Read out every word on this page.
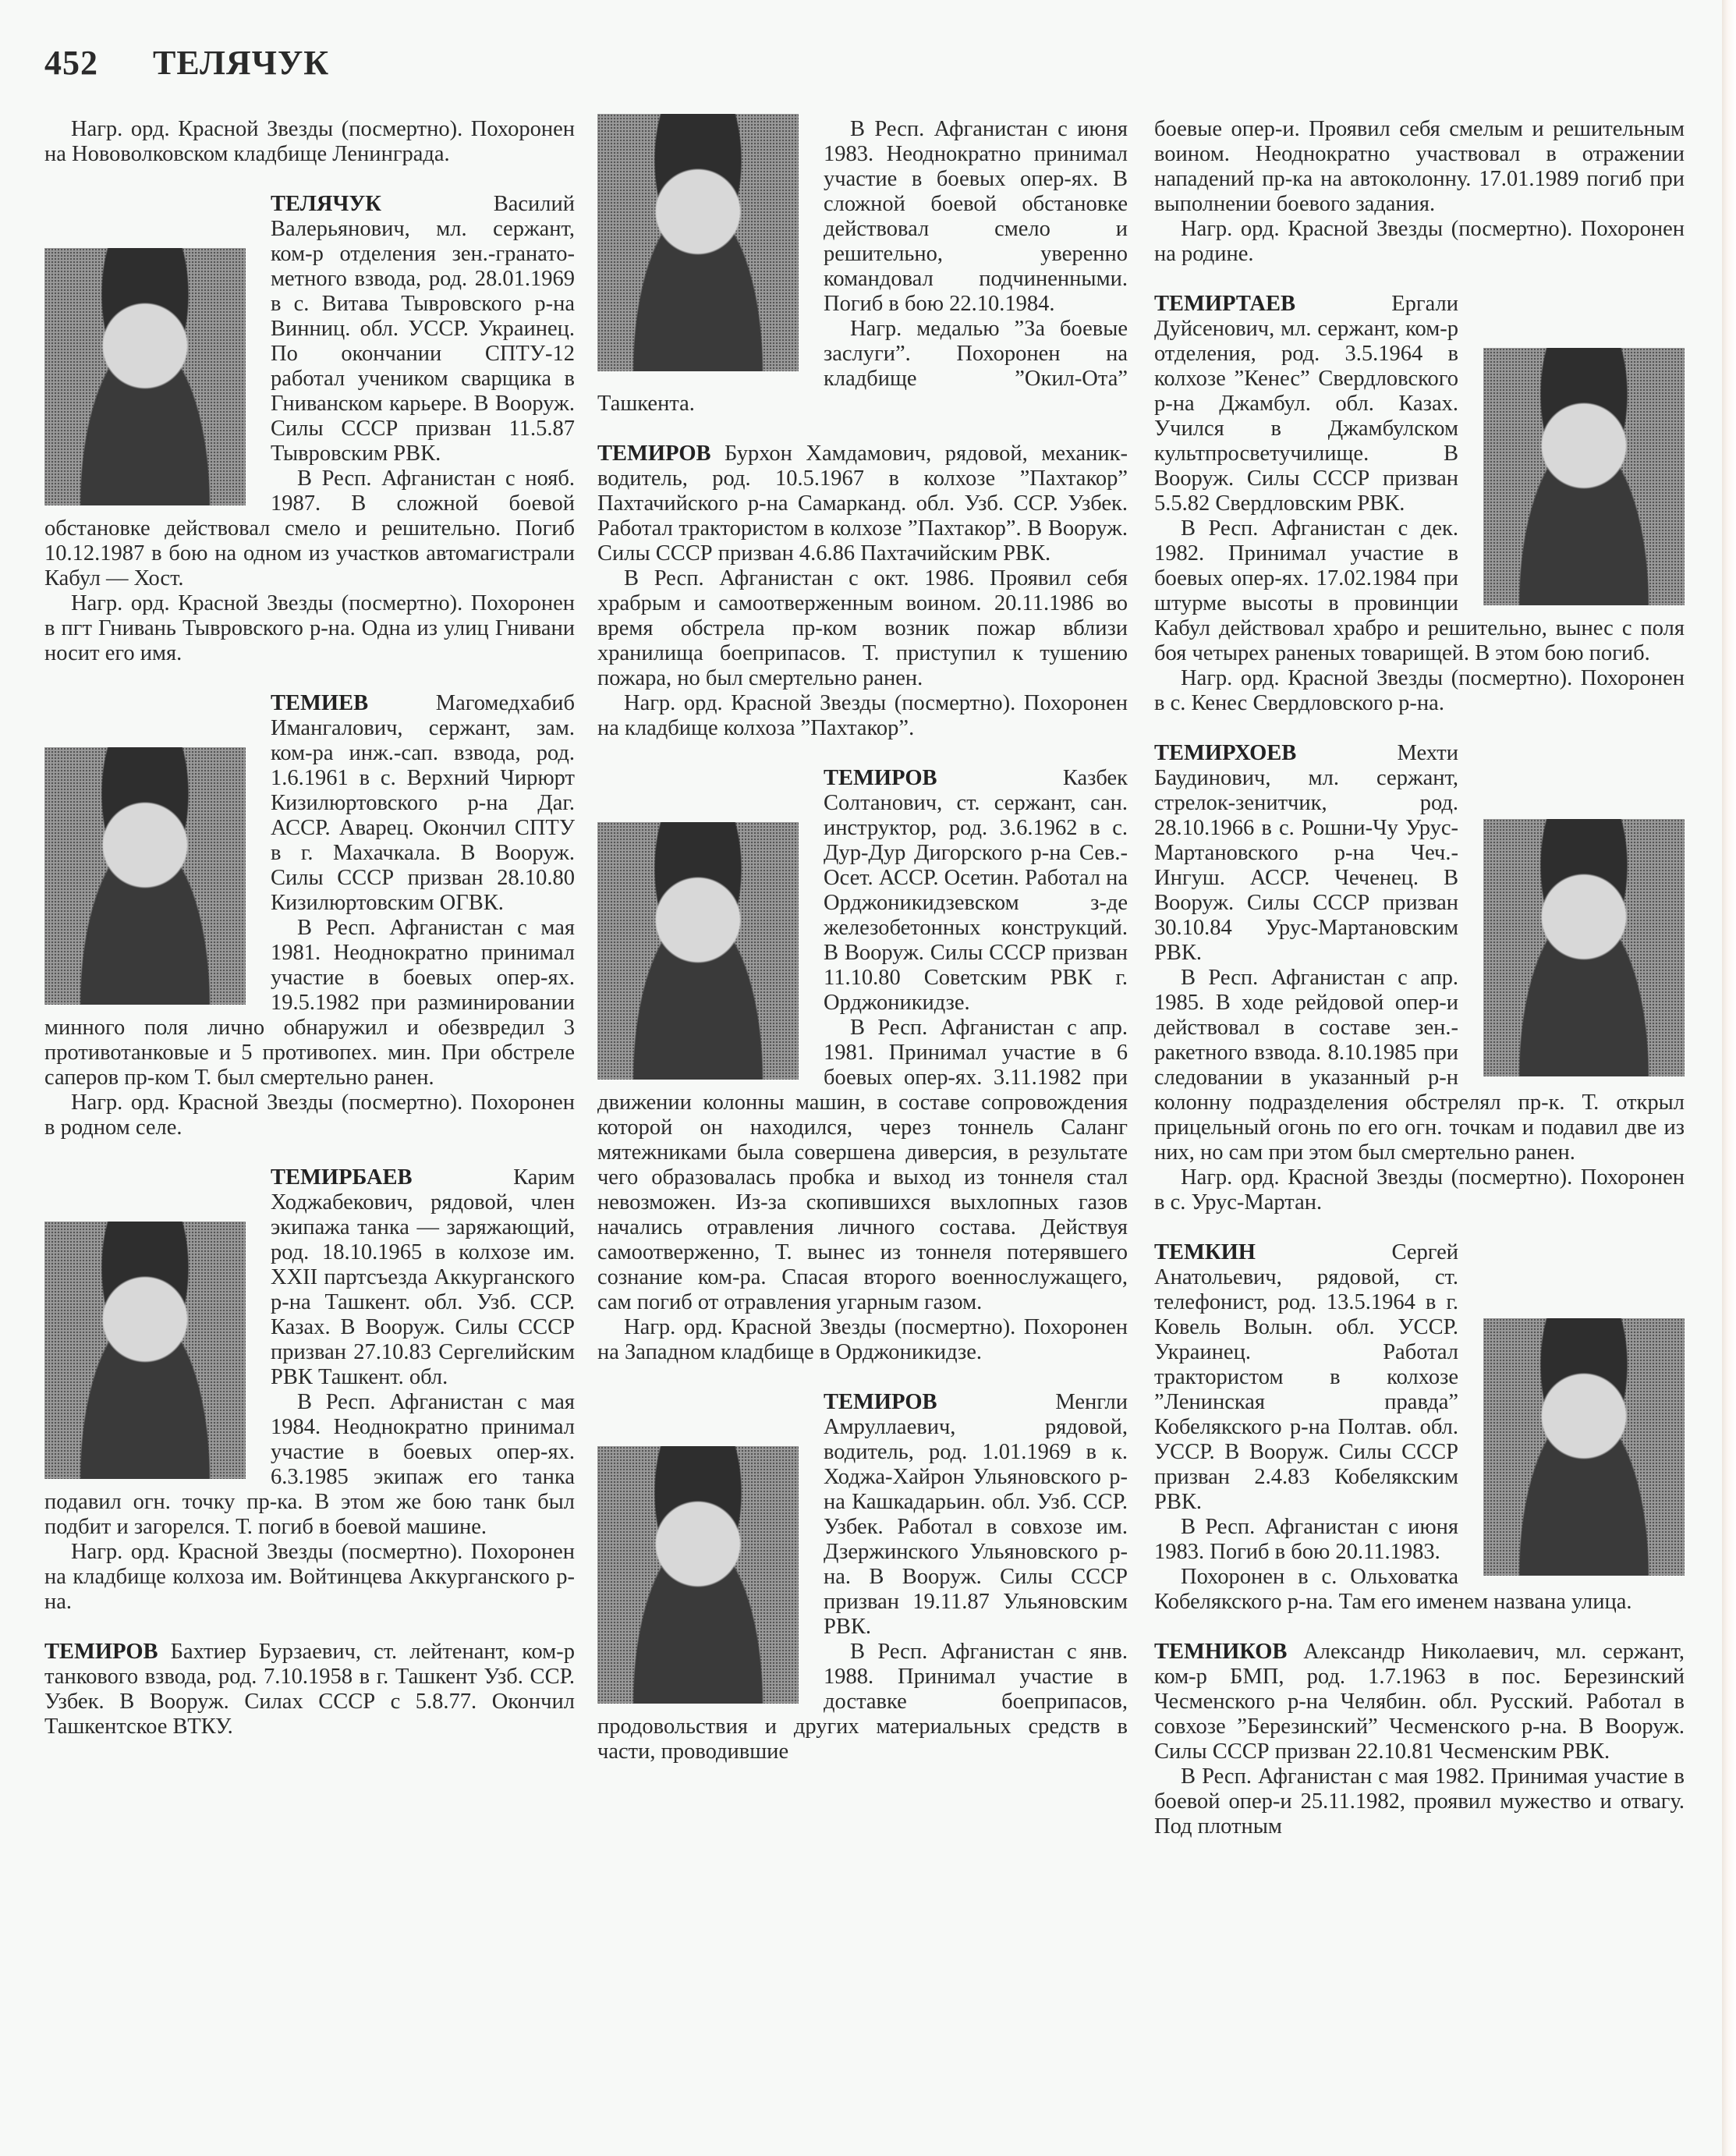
452 ТЕЛЯЧУК

Нагр. орд. Красной Звезды (посмертно). Похоронен на Нововолковском кладбище Ленинграда.

ТЕЛЯЧУК Василий Валерьянович, мл. сержант, ком-р отделения зен.-гранато-метного взвода, род. 28.01.1969 в с. Витава Тывровского р-на Винниц. обл. УССР. Украинец. По окончании СПТУ-12 работал учеником сварщика в Гниванском карьере. В Вооруж. Силы СССР призван 11.5.87 Тывровским РВК.

В Респ. Афганистан с нояб. 1987. В сложной боевой обстановке действовал смело и решительно. Погиб 10.12.1987 в бою на одном из участков автомагистрали Кабул — Хост.

Нагр. орд. Красной Звезды (посмертно). Похоронен в пгт Гнивань Тывровского р-на. Одна из улиц Гнивани носит его имя.

ТЕМИЕВ Магомедхабиб Имангалович, сержант, зам. ком-ра инж.-сап. взвода, род. 1.6.1961 в с. Верхний Чирюрт Кизилюртовского р-на Даг. АССР. Аварец. Окончил СПТУ в г. Махачкала. В Вооруж. Силы СССР призван 28.10.80 Кизилюртовским ОГВК.

В Респ. Афганистан с мая 1981. Неоднократно принимал участие в боевых опер-ях. 19.5.1982 при разминировании минного поля лично обнаружил и обезвредил 3 противотанковые и 5 противопех. мин. При обстреле саперов пр-ком Т. был смертельно ранен.

Нагр. орд. Красной Звезды (посмертно). Похоронен в родном селе.

ТЕМИРБАЕВ Карим Ходжабекович, рядовой, член экипажа танка — заряжающий, род. 18.10.1965 в колхозе им. XXII партсъезда Аккурганского р-на Ташкент. обл. Узб. ССР. Казах. В Вооруж. Силы СССР призван 27.10.83 Сергелийским РВК Ташкент. обл.

В Респ. Афганистан с мая 1984. Неоднократно принимал участие в боевых опер-ях. 6.3.1985 экипаж его танка подавил огн. точку пр-ка. В этом же бою танк был подбит и загорелся. Т. погиб в боевой машине.

Нагр. орд. Красной Звезды (посмертно). Похоронен на кладбище колхоза им. Войтинцева Аккурганского р-на.

ТЕМИРОВ Бахтиер Бурзаевич, ст. лейтенант, ком-р танкового взвода, род. 7.10.1958 в г. Ташкент Узб. ССР. Узбек. В Вооруж. Силах СССР с 5.8.77. Окончил Ташкентское ВТКУ.

В Респ. Афганистан с июня 1983. Неоднократно принимал участие в боевых опер-ях. В сложной боевой обстановке действовал смело и решительно, уверенно командовал подчиненными. Погиб в бою 22.10.1984.

Нагр. медалью ”За боевые заслуги”. Похоронен на кладбище ”Окил-Ота” Ташкента.

ТЕМИРОВ Бурхон Хамдамович, рядовой, механик-водитель, род. 10.5.1967 в колхозе ”Пахтакор” Пахтачийского р-на Самарканд. обл. Узб. ССР. Узбек. Работал трактористом в колхозе ”Пахтакор”. В Вооруж. Силы СССР призван 4.6.86 Пахтачийским РВК.

В Респ. Афганистан с окт. 1986. Проявил себя храбрым и самоотверженным воином. 20.11.1986 во время обстрела пр-ком возник пожар вблизи хранилища боеприпасов. Т. приступил к тушению пожара, но был смертельно ранен.

Нагр. орд. Красной Звезды (посмертно). Похоронен на кладбище колхоза ”Пахтакор”.

ТЕМИРОВ Казбек Солтанович, ст. сержант, сан. инструктор, род. 3.6.1962 в с. Дур-Дур Дигорского р-на Сев.-Осет. АССР. Осетин. Работал на Орджоникидзевском з-де железобетонных конструкций. В Вооруж. Силы СССР призван 11.10.80 Советским РВК г. Орджоникидзе.

В Респ. Афганистан с апр. 1981. Принимал участие в 6 боевых опер-ях. 3.11.1982 при движении колонны машин, в составе сопровождения которой он находился, через тоннель Саланг мятежниками была совершена диверсия, в результате чего образовалась пробка и выход из тоннеля стал невозможен. Из-за скопившихся выхлопных газов начались отравления личного состава. Действуя самоотверженно, Т. вынес из тоннеля потерявшего сознание ком-ра. Спасая второго военнослужащего, сам погиб от отравления угарным газом.

Нагр. орд. Красной Звезды (посмертно). Похоронен на Западном кладбище в Орджоникидзе.

ТЕМИРОВ Менгли Амруллаевич, рядовой, водитель, род. 1.01.1969 в к. Ходжа-Хайрон Ульяновского р-на Кашкадарьин. обл. Узб. ССР. Узбек. Работал в совхозе им. Дзержинского Ульяновского р-на. В Вооруж. Силы СССР призван 19.11.87 Ульяновским РВК.

В Респ. Афганистан с янв. 1988. Принимал участие в доставке боеприпасов, продовольствия и других материальных средств в части, проводившие

боевые опер-и. Проявил себя смелым и решительным воином. Неоднократно участвовал в отражении нападений пр-ка на автоколонну. 17.01.1989 погиб при выполнении боевого задания.

Нагр. орд. Красной Звезды (посмертно). Похоронен на родине.

ТЕМИРТАЕВ Ергали Дуйсенович, мл. сержант, ком-р отделения, род. 3.5.1964 в колхозе ”Кенес” Свердловского р-на Джамбул. обл. Казах. Учился в Джамбулском культпросветучилище. В Вооруж. Силы СССР призван 5.5.82 Свердловским РВК.

В Респ. Афганистан с дек. 1982. Принимал участие в боевых опер-ях. 17.02.1984 при штурме высоты в провинции Кабул действовал храбро и решительно, вынес с поля боя четырех раненых товарищей. В этом бою погиб.

Нагр. орд. Красной Звезды (посмертно). Похоронен в с. Кенес Свердловского р-на.

ТЕМИРХОЕВ Мехти Баудинович, мл. сержант, стрелок-зенитчик, род. 28.10.1966 в с. Рошни-Чу Урус-Мартановского р-на Чеч.-Ингуш. АССР. Чеченец. В Вооруж. Силы СССР призван 30.10.84 Урус-Мартановским РВК.

В Респ. Афганистан с апр. 1985. В ходе рейдовой опер-и действовал в составе зен.-ракетного взвода. 8.10.1985 при следовании в указанный р-н колонну подразделения обстрелял пр-к. Т. открыл прицельный огонь по его огн. точкам и подавил две из них, но сам при этом был смертельно ранен.

Нагр. орд. Красной Звезды (посмертно). Похоронен в с. Урус-Мартан.

ТЕМКИН Сергей Анатольевич, рядовой, ст. телефонист, род. 13.5.1964 в г. Ковель Волын. обл. УССР. Украинец. Работал трактористом в колхозе ”Ленинская правда” Кобелякского р-на Полтав. обл. УССР. В Вооруж. Силы СССР призван 2.4.83 Кобелякским РВК.

В Респ. Афганистан с июня 1983. Погиб в бою 20.11.1983.

Похоронен в с. Ольховатка Кобелякского р-на. Там его именем названа улица.

ТЕМНИКОВ Александр Николаевич, мл. сержант, ком-р БМП, род. 1.7.1963 в пос. Березинский Чесменского р-на Челябин. обл. Русский. Работал в совхозе ”Березинский” Чесменского р-на. В Вооруж. Силы СССР призван 22.10.81 Чесменским РВК.

В Респ. Афганистан с мая 1982. Принимая участие в боевой опер-и 25.11.1982, проявил мужество и отвагу. Под плотным
